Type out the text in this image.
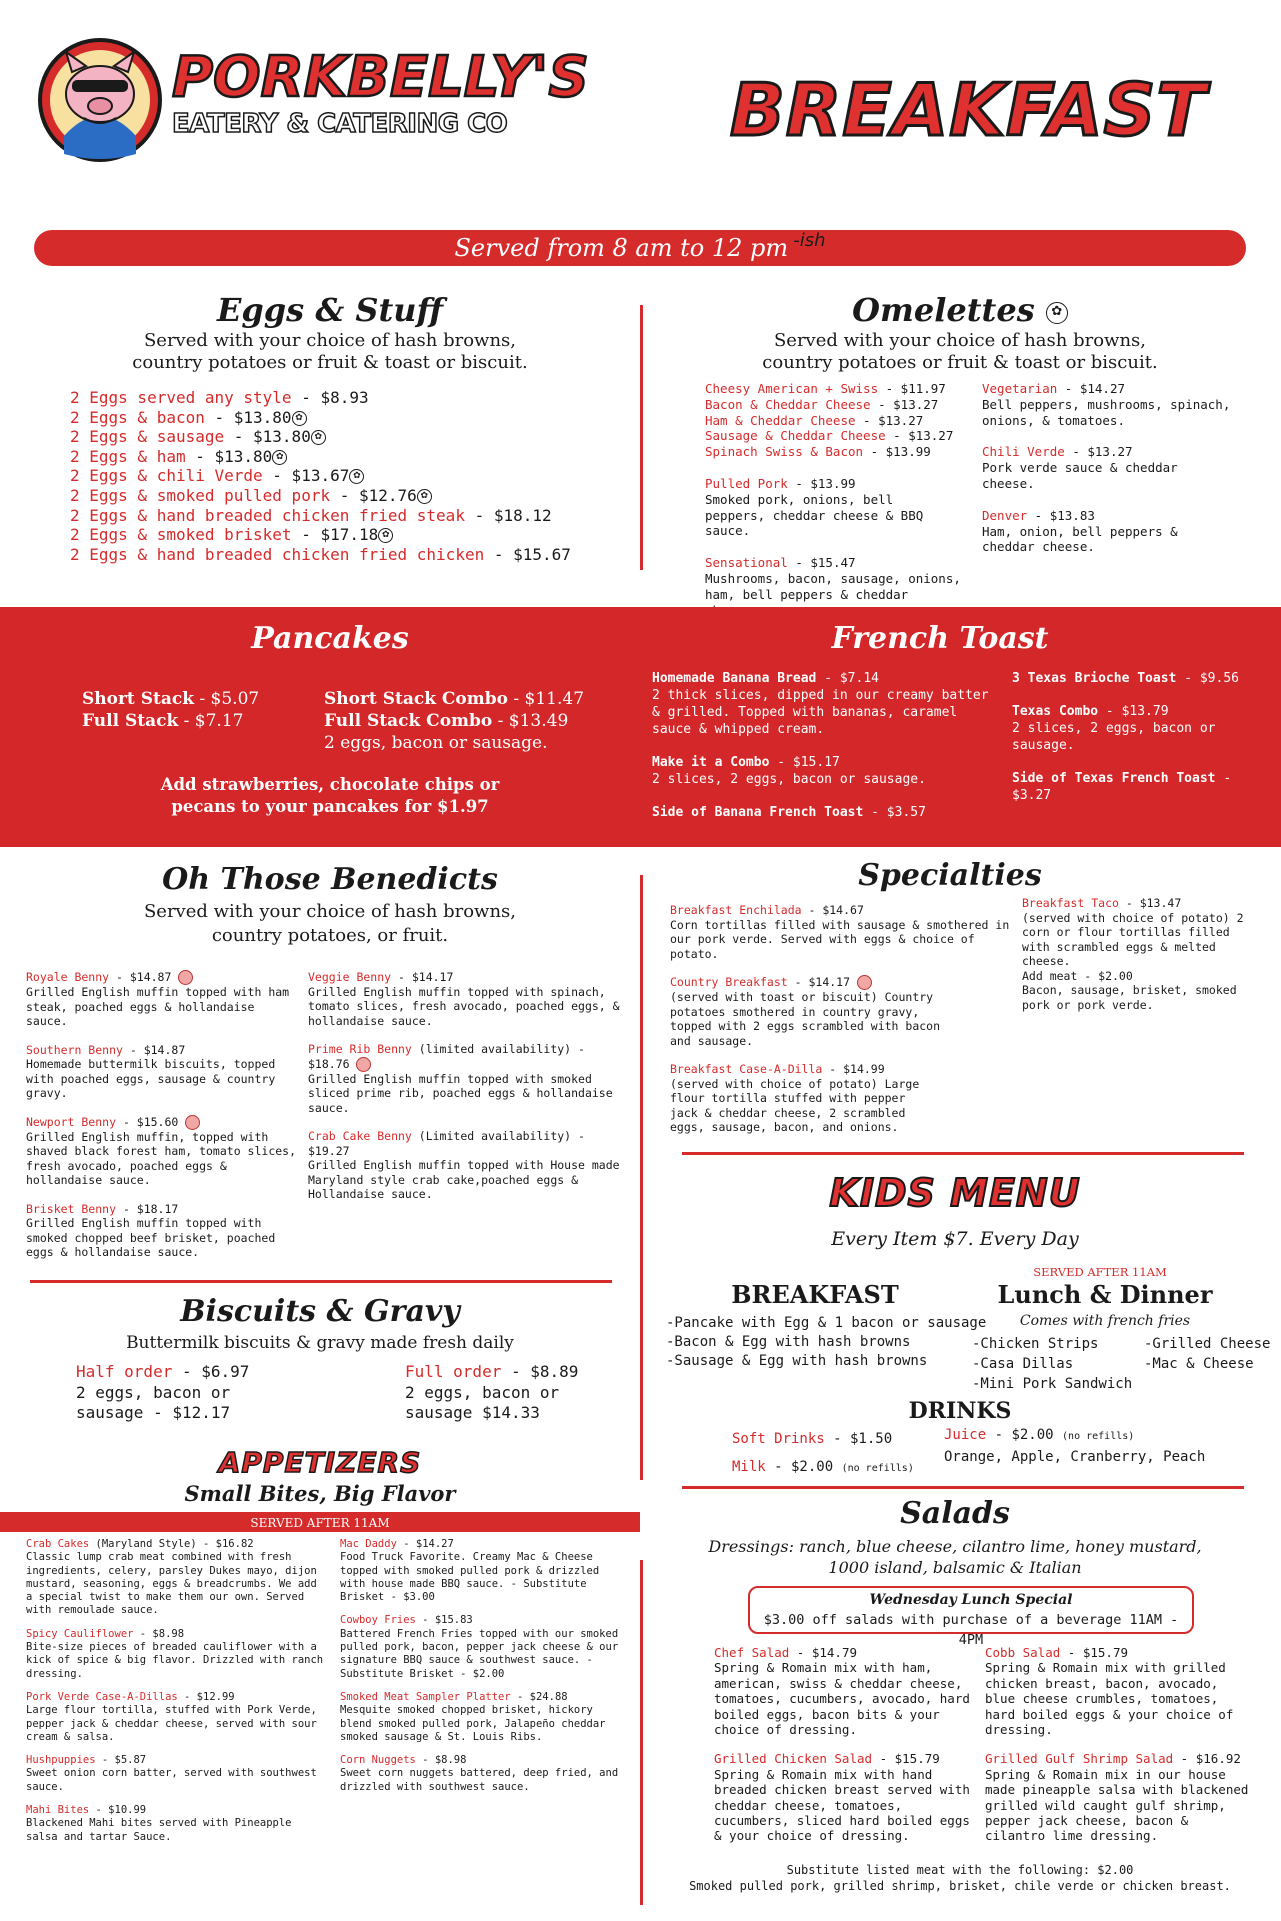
PORKBELLY'S
EATERY & CATERING CO	BREAKFAST
Served from 8 am to 12 pm -ish
Eggs & Stuff
Served with your choice of hash browns,
country potatoes or fruit & toast or biscuit.
2 Eggs served any style - $8.93
2 Eggs & bacon - $13.80 ✿
2 Eggs & sausage - $13.80 ✿
2 Eggs & ham - $13.80 ✿
2 Eggs & chili Verde - $13.67 ✿
2 Eggs & smoked pulled pork - $12.76 ✿
2 Eggs & hand breaded chicken fried steak - $18.12
2 Eggs & smoked brisket - $17.18 ✿
2 Eggs & hand breaded chicken fried chicken - $15.67
Omelettes ✿
Served with your choice of hash browns,
country potatoes or fruit & toast or biscuit.
Cheesy American + Swiss - $11.97
Bacon & Cheddar Cheese - $13.27
Ham & Cheddar Cheese - $13.27
Sausage & Cheddar Cheese - $13.27
Spinach Swiss & Bacon - $13.99
Pulled Pork - $13.99
Smoked pork, onions, bell peppers, cheddar cheese & BBQ sauce.
Sensational - $15.47
Mushrooms, bacon, sausage, onions, ham, bell peppers & cheddar
Vegetarian - $14.27
Bell peppers, mushrooms, spinach, onions, & tomatoes.
Chili Verde - $13.27
Pork verde sauce & cheddar cheese.
Denver - $13.83
Ham, onion, bell peppers & cheddar cheese.
Pancakes
Short Stack - $5.07
Full Stack - $7.17
Short Stack Combo - $11.47
Full Stack Combo - $13.49
2 eggs, bacon or sausage.
Add strawberries, chocolate chips or
pecans to your pancakes for $1.97
French Toast
Homemade Banana Bread - $7.14
2 thick slices, dipped in our creamy batter & grilled. Topped with bananas, caramel sauce & whipped cream.
Make it a Combo - $15.17
2 slices, 2 eggs, bacon or sausage.
Side of Banana French Toast - $3.57
3 Texas Brioche Toast - $9.56
Texas Combo - $13.79
2 slices, 2 eggs, bacon or sausage.
Side of Texas French Toast - $3.27
Oh Those Benedicts
Served with your choice of hash browns,
country potatoes, or fruit.
Royale Benny - $14.87
Grilled English muffin topped with ham steak, poached eggs & hollandaise sauce.
Southern Benny - $14.87
Homemade buttermilk biscuits, topped with poached eggs, sausage & country gravy.
Newport Benny - $15.60
Grilled English muffin, topped with shaved black forest ham, tomato slices, fresh avocado, poached eggs & hollandaise sauce.
Brisket Benny - $18.17
Grilled English muffin topped with smoked chopped beef brisket, poached eggs & hollandaise sauce.
Veggie Benny - $14.17
Grilled English muffin topped with spinach, tomato slices, fresh avocado, poached eggs, & hollandaise sauce.
Prime Rib Benny (limited availability) - $18.76
Grilled English muffin topped with smoked sliced prime rib, poached eggs & hollandaise sauce.
Crab Cake Benny (Limited availability) - $19.27
Grilled English muffin topped with House made Maryland style crab cake,poached eggs & Hollandaise sauce.
Specialties
Breakfast Enchilada - $14.67
Corn tortillas filled with sausage & smothered in our pork verde. Served with eggs & choice of potato.
Country Breakfast - $14.17
(served with toast or biscuit) Country potatoes smothered in country gravy, topped with 2 eggs scrambled with bacon and sausage.
Breakfast Case-A-Dilla - $14.99
(served with choice of potato) Large flour tortilla stuffed with pepper jack & cheddar cheese, 2 scrambled eggs, sausage, bacon, and onions.
Breakfast Taco - $13.47
(served with choice of potato) 2 corn or flour tortillas filled with scrambled eggs & melted cheese.
Add meat - $2.00
Bacon, sausage, brisket, smoked pork or pork verde.
KIDS MENU
Every Item $7. Every Day
SERVED AFTER 11AM
BREAKFAST
-Pancake with Egg & 1 bacon or sausage
-Bacon & Egg with hash browns
-Sausage & Egg with hash browns
Lunch & Dinner
Comes with french fries
-Chicken Strips
-Casa Dillas
-Mini Pork Sandwich
-Grilled Cheese
-Mac & Cheese
DRINKS
Soft Drinks - $1.50
Milk - $2.00 (no refills)
Juice - $2.00 (no refills)
Orange, Apple, Cranberry, Peach
Biscuits & Gravy
Buttermilk biscuits & gravy made fresh daily
Half order - $6.97
2 eggs, bacon or
sausage - $12.17
Full order - $8.89
2 eggs, bacon or
sausage $14.33
APPETIZERS
Small Bites, Big Flavor
SERVED AFTER 11AM
Crab Cakes (Maryland Style) - $16.82
Classic lump crab meat combined with fresh ingredients, celery, parsley Dukes mayo, dijon mustard, seasoning, eggs & breadcrumbs. We add a special twist to make them our own. Served with remoulade sauce.
Spicy Cauliflower - $8.98
Bite-size pieces of breaded cauliflower with a kick of spice & big flavor. Drizzled with ranch dressing.
Pork Verde Case-A-Dillas - $12.99
Large flour tortilla, stuffed with Pork Verde, pepper jack & cheddar cheese, served with sour cream & salsa.
Hushpuppies - $5.87
Sweet onion corn batter, served with southwest sauce.
Mahi Bites - $10.99
Blackened Mahi bites served with Pineapple salsa and tartar Sauce.
Mac Daddy - $14.27
Food Truck Favorite. Creamy Mac & Cheese topped with smoked pulled pork & drizzled with house made BBQ sauce. - Substitute Brisket - $3.00
Cowboy Fries - $15.83
Battered French Fries topped with our smoked pulled pork, bacon, pepper jack cheese & our signature BBQ sauce & southwest sauce. - Substitute Brisket - $2.00
Smoked Meat Sampler Platter - $24.88
Mesquite smoked chopped brisket, hickory blend smoked pulled pork, Jalapeño cheddar smoked sausage & St. Louis Ribs.
Corn Nuggets - $8.98
Sweet corn nuggets battered, deep fried, and drizzled with southwest sauce.
Salads
Dressings: ranch, blue cheese, cilantro lime, honey mustard,
1000 island, balsamic & Italian
Wednesday Lunch Special
$3.00 off salads with purchase of a beverage 11AM - 4PM
Chef Salad - $14.79
Spring & Romain mix with ham, american, swiss & cheddar cheese, tomatoes, cucumbers, avocado, hard boiled eggs, bacon bits & your choice of dressing.
Grilled Chicken Salad - $15.79
Spring & Romain mix with hand breaded chicken breast served with cheddar cheese, tomatoes, cucumbers, sliced hard boiled eggs & your choice of dressing.
Cobb Salad - $15.79
Spring & Romain mix with grilled chicken breast, bacon, avocado, blue cheese crumbles, tomatoes, hard boiled eggs & your choice of dressing.
Grilled Gulf Shrimp Salad - $16.92
Spring & Romain mix in our house made pineapple salsa with blackened grilled wild caught gulf shrimp, pepper jack cheese, bacon & cilantro lime dressing.
Substitute listed meat with the following: $2.00
Smoked pulled pork, grilled shrimp, brisket, chile verde or chicken breast.
